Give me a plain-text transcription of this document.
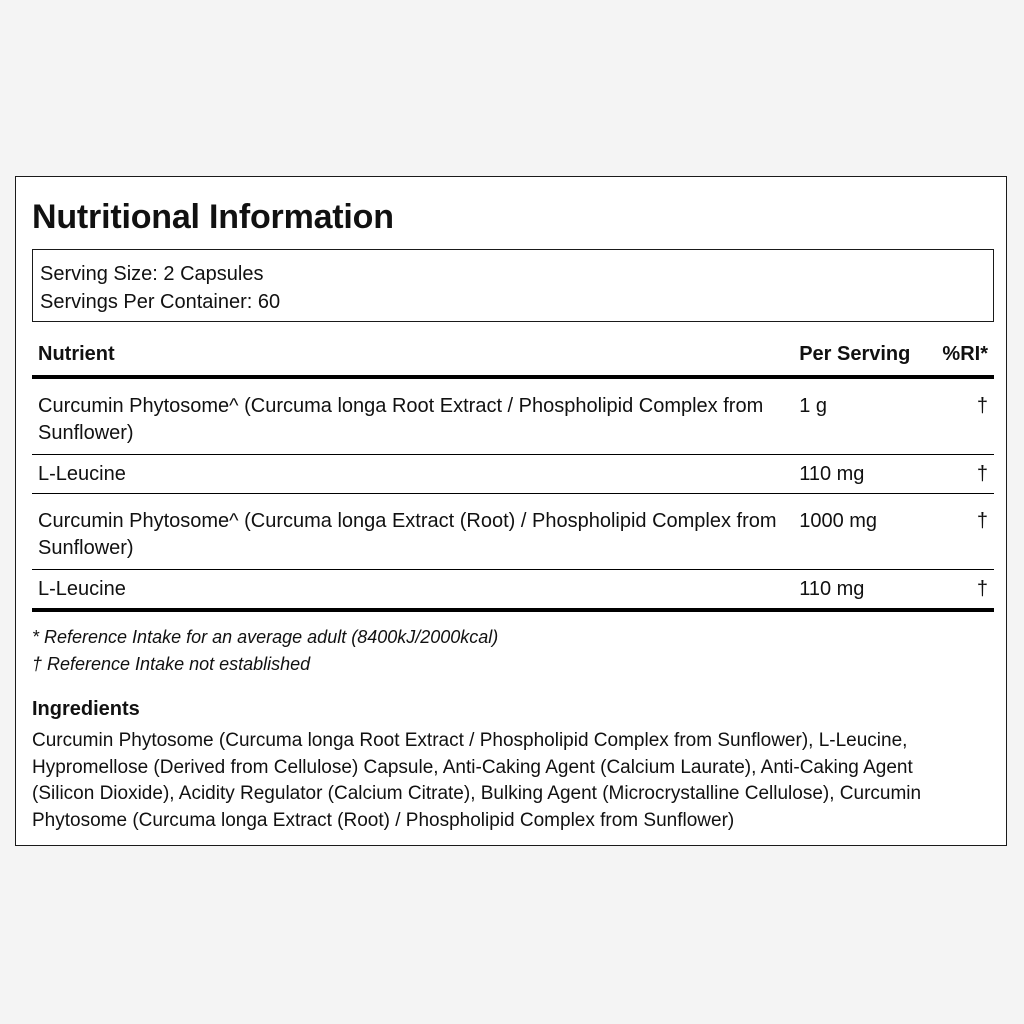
Nutritional Information
Serving Size: 2 Capsules
Servings Per Container: 60
Nutrient	Per Serving	%RI*

Curcumin Phytosome^ (Curcuma longa Root Extract / Phospholipid Complex from Sunflower)	1 g	†

L-Leucine	110 mg	†

Curcumin Phytosome^ (Curcuma longa Extract (Root) / Phospholipid Complex from Sunflower)	1000 mg	†

L-Leucine	110 mg	†
* Reference Intake for an average adult (8400kJ/2000kcal)
† Reference Intake not established
Ingredients

Curcumin Phytosome (Curcuma longa Root Extract / Phospholipid Complex from Sunflower), L-Leucine, Hypromellose (Derived from Cellulose) Capsule, Anti-Caking Agent (Calcium Laurate), Anti-Caking Agent (Silicon Dioxide), Acidity Regulator (Calcium Citrate), Bulking Agent (Microcrystalline Cellulose), Curcumin Phytosome (Curcuma longa Extract (Root) / Phospholipid Complex from Sunflower)
